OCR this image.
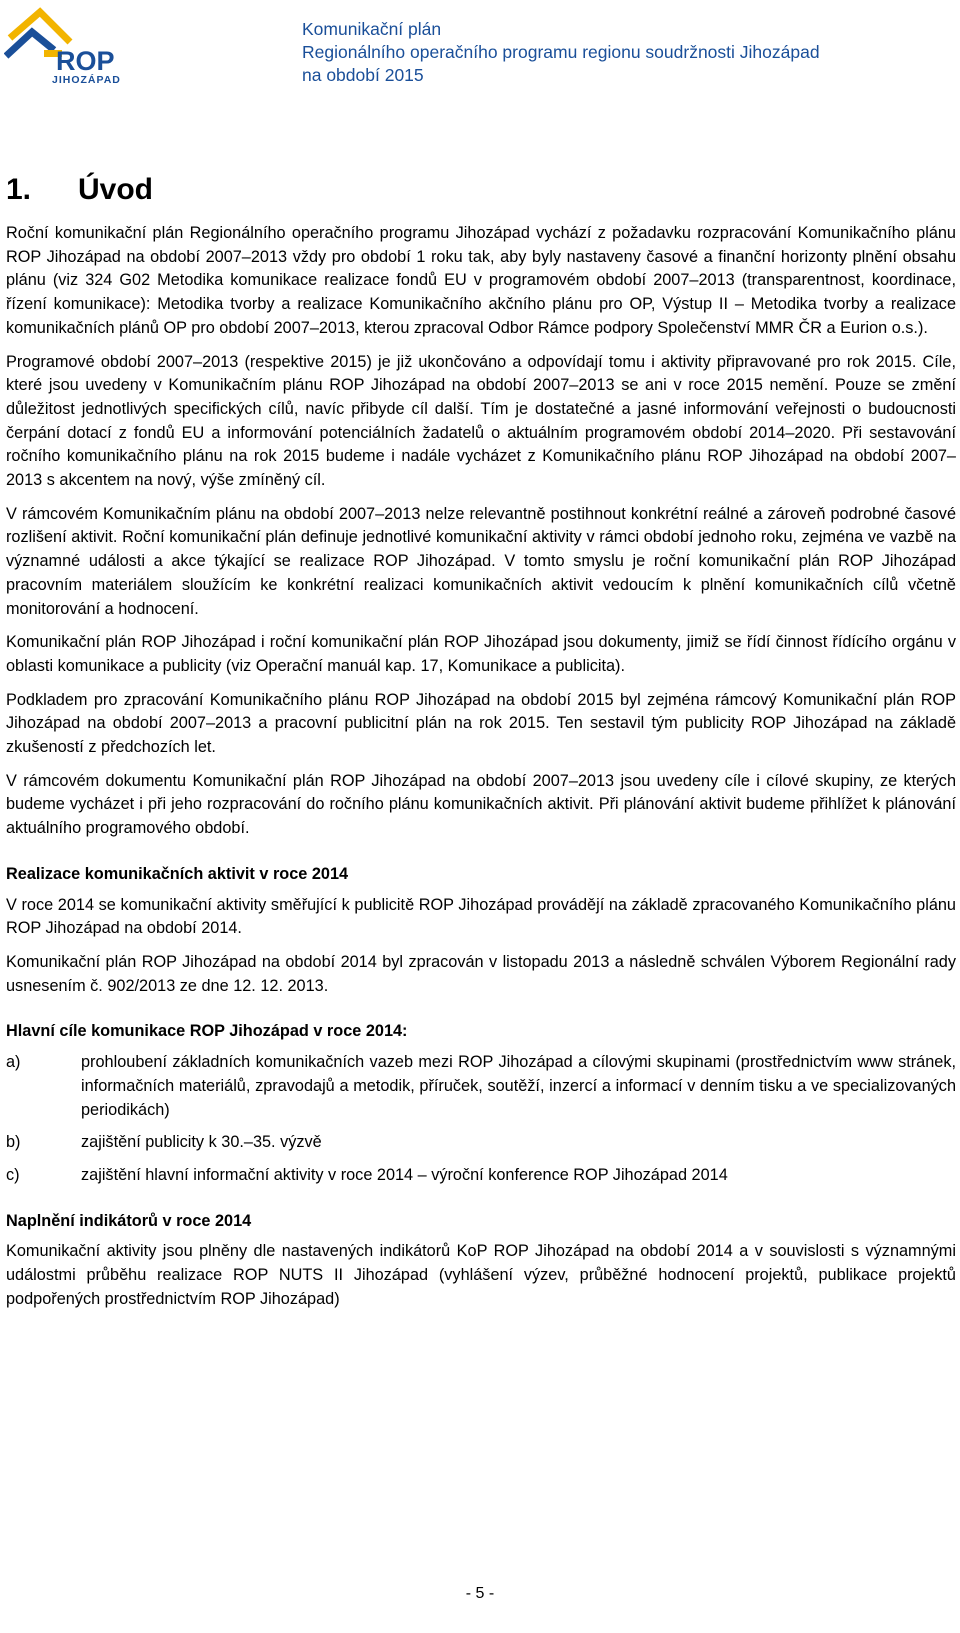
ROP
JIHOZÁPAD
Komunikační plán
Regionálního operačního programu regionu soudržnosti Jihozápad
na období 2015
1. Úvod

Roční komunikační plán Regionálního operačního programu Jihozápad vychází z požadavku rozpracování Komunikačního plánu ROP Jihozápad na období 2007–2013 vždy pro období 1 roku tak, aby byly nastaveny časové a finanční horizonty plnění obsahu plánu (viz 324 G02 Metodika komunikace realizace fondů EU v programovém období 2007–2013 (transparentnost, koordinace, řízení komunikace): Metodika tvorby a realizace Komunikačního akčního plánu pro OP, Výstup II – Metodika tvorby a realizace komunikačních plánů OP pro období 2007–2013, kterou zpracoval Odbor Rámce podpory Společenství MMR ČR a Eurion o.s.).

Programové období 2007–2013 (respektive 2015) je již ukončováno a odpovídají tomu i aktivity připravované pro rok 2015. Cíle, které jsou uvedeny v Komunikačním plánu ROP Jihozápad na období 2007–2013 se ani v roce 2015 nemění. Pouze se změní důležitost jednotlivých specifických cílů, navíc přibyde cíl další. Tím je dostatečné a jasné informování veřejnosti o budoucnosti čerpání dotací z fondů EU a informování potenciálních žadatelů o aktuálním programovém období 2014–2020. Při sestavování ročního komunikačního plánu na rok 2015 budeme i nadále vycházet z Komunikačního plánu ROP Jihozápad na období 2007–2013 s akcentem na nový, výše zmíněný cíl.

V rámcovém Komunikačním plánu na období 2007–2013 nelze relevantně postihnout konkrétní reálné a zároveň podrobné časové rozlišení aktivit. Roční komunikační plán definuje jednotlivé komunikační aktivity v rámci období jednoho roku, zejména ve vazbě na významné události a akce týkající se realizace ROP Jihozápad. V tomto smyslu je roční komunikační plán ROP Jihozápad pracovním materiálem sloužícím ke konkrétní realizaci komunikačních aktivit vedoucím k plnění komunikačních cílů včetně monitorování a hodnocení.

Komunikační plán ROP Jihozápad i roční komunikační plán ROP Jihozápad jsou dokumenty, jimiž se řídí činnost řídícího orgánu v oblasti komunikace a publicity (viz Operační manuál kap. 17, Komunikace a publicita).

Podkladem pro zpracování Komunikačního plánu ROP Jihozápad na období 2015 byl zejména rámcový Komunikační plán ROP Jihozápad na období 2007–2013 a pracovní publicitní plán na rok 2015. Ten sestavil tým publicity ROP Jihozápad na základě zkušeností z předchozích let.

V rámcovém dokumentu Komunikační plán ROP Jihozápad na období 2007–2013 jsou uvedeny cíle i cílové skupiny, ze kterých budeme vycházet i při jeho rozpracování do ročního plánu komunikačních aktivit. Při plánování aktivit budeme přihlížet k plánování aktuálního programového období.

Realizace komunikačních aktivit v roce 2014

V roce 2014 se komunikační aktivity směřující k publicitě ROP Jihozápad provádějí na základě zpracovaného Komunikačního plánu ROP Jihozápad na období 2014.

Komunikační plán ROP Jihozápad na období 2014 byl zpracován v listopadu 2013 a následně schválen Výborem Regionální rady usnesením č. 902/2013 ze dne 12. 12. 2013.

Hlavní cíle komunikace ROP Jihozápad v roce 2014:
a)	prohloubení základních komunikačních vazeb mezi ROP Jihozápad a cílovými skupinami (prostřednictvím www stránek, informačních materiálů, zpravodajů a metodik, příruček, soutěží, inzercí a informací v denním tisku a ve specializovaných periodikách)
b)	zajištění publicity k 30.–35. výzvě
c)	zajištění hlavní informační aktivity v roce 2014 – výroční konference ROP Jihozápad 2014
Naplnění indikátorů v roce 2014

Komunikační aktivity jsou plněny dle nastavených indikátorů KoP ROP Jihozápad na období 2014 a v souvislosti s významnými událostmi průběhu realizace ROP NUTS II Jihozápad (vyhlášení výzev, průběžné hodnocení projektů, publikace projektů podpořených prostřednictvím ROP Jihozápad)

- 5 -
